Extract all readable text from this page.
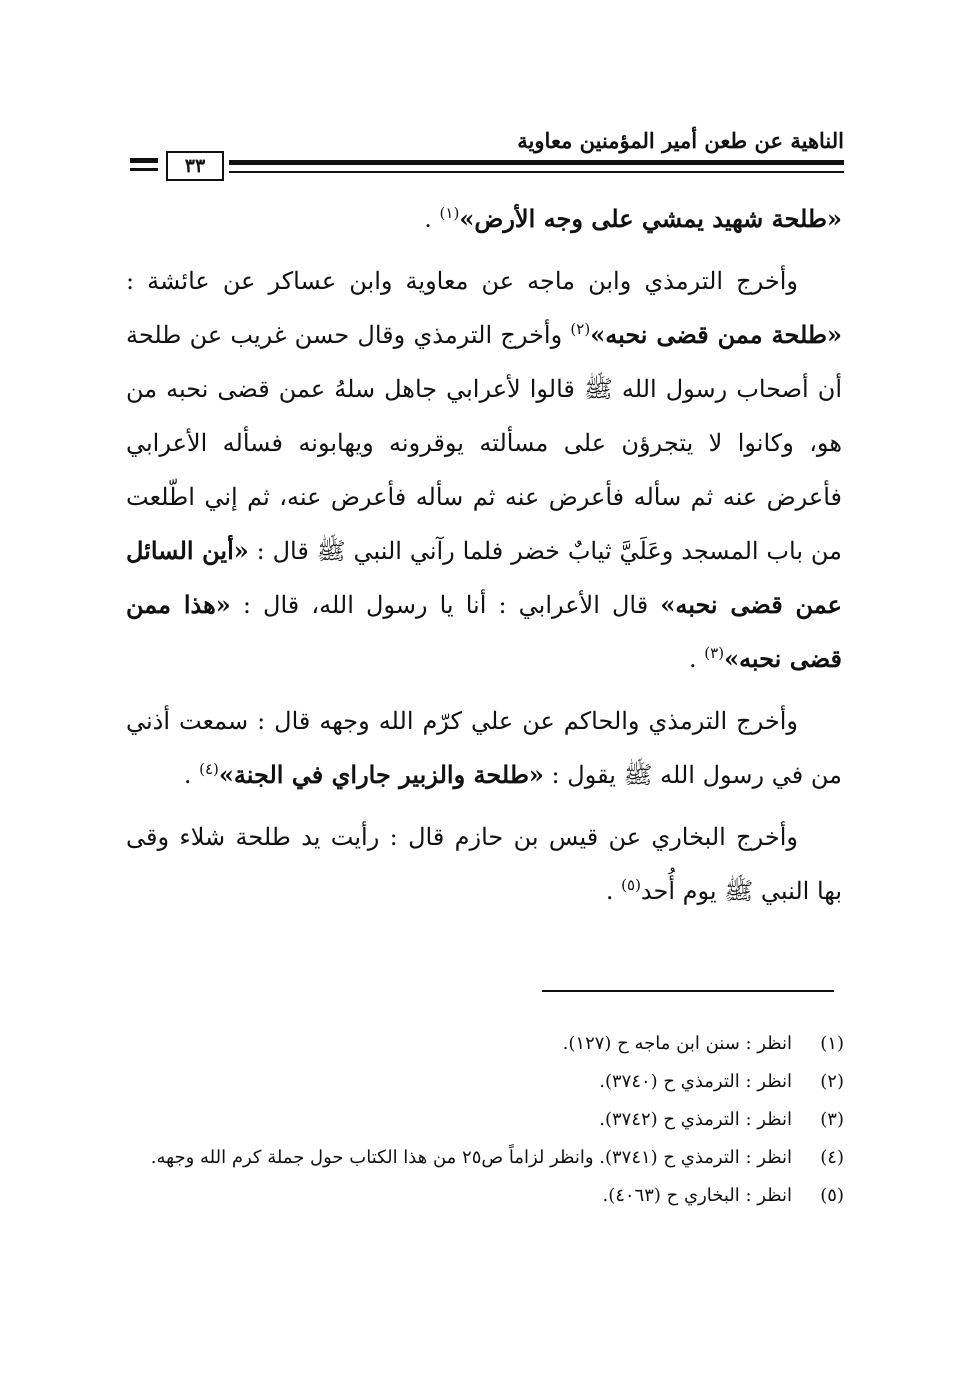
الناهية عن طعن أمير المؤمنين معاوية
٣٣

«طلحة شهيد يمشي على وجه الأرض»$^{(١)}$ .

وأخرج الترمذي وابن ماجه عن معاوية وابن عساكر عن عائشة : «طلحة ممن قضى نحبه»$^{(٢)}$ وأخرج الترمذي وقال حسن غريب عن طلحة أن أصحاب رسول الله ﷺ قالوا لأعرابي جاهل سلهُ عمن قضى نحبه من هو، وكانوا لا يتجرؤن على مسألته يوقرونه ويهابونه فسأله الأعرابي فأعرض عنه ثم سأله فأعرض عنه ثم سأله فأعرض عنه، ثم إني اطّلعت من باب المسجد وعَلَيَّ ثيابٌ خضر فلما رآني النبي ﷺ قال : «أين السائل عمن قضى نحبه» قال الأعرابي : أنا يا رسول الله، قال : «هذا ممن قضى نحبه»$^{(٣)}$ .

وأخرج الترمذي والحاكم عن علي كرّم الله وجهه قال : سمعت أذني من في رسول الله ﷺ يقول : «طلحة والزبير جاراي في الجنة»$^{(٤)}$ .

وأخرج البخاري عن قيس بن حازم قال : رأيت يد طلحة شلاء وقى بها النبي ﷺ يوم أُحد$^{(٥)}$ .

(١)
انظر : سنن ابن ماجه ح (١٢٧).
(٢)
انظر : الترمذي ح (٣٧٤٠).
(٣)
انظر : الترمذي ح (٣٧٤٢).
(٤)
انظر : الترمذي ح (٣٧٤١). وانظر لزاماً ص٢٥ من هذا الكتاب حول جملة كرم الله وجهه.
(٥)
انظر : البخاري ح (٤٠٦٣).
